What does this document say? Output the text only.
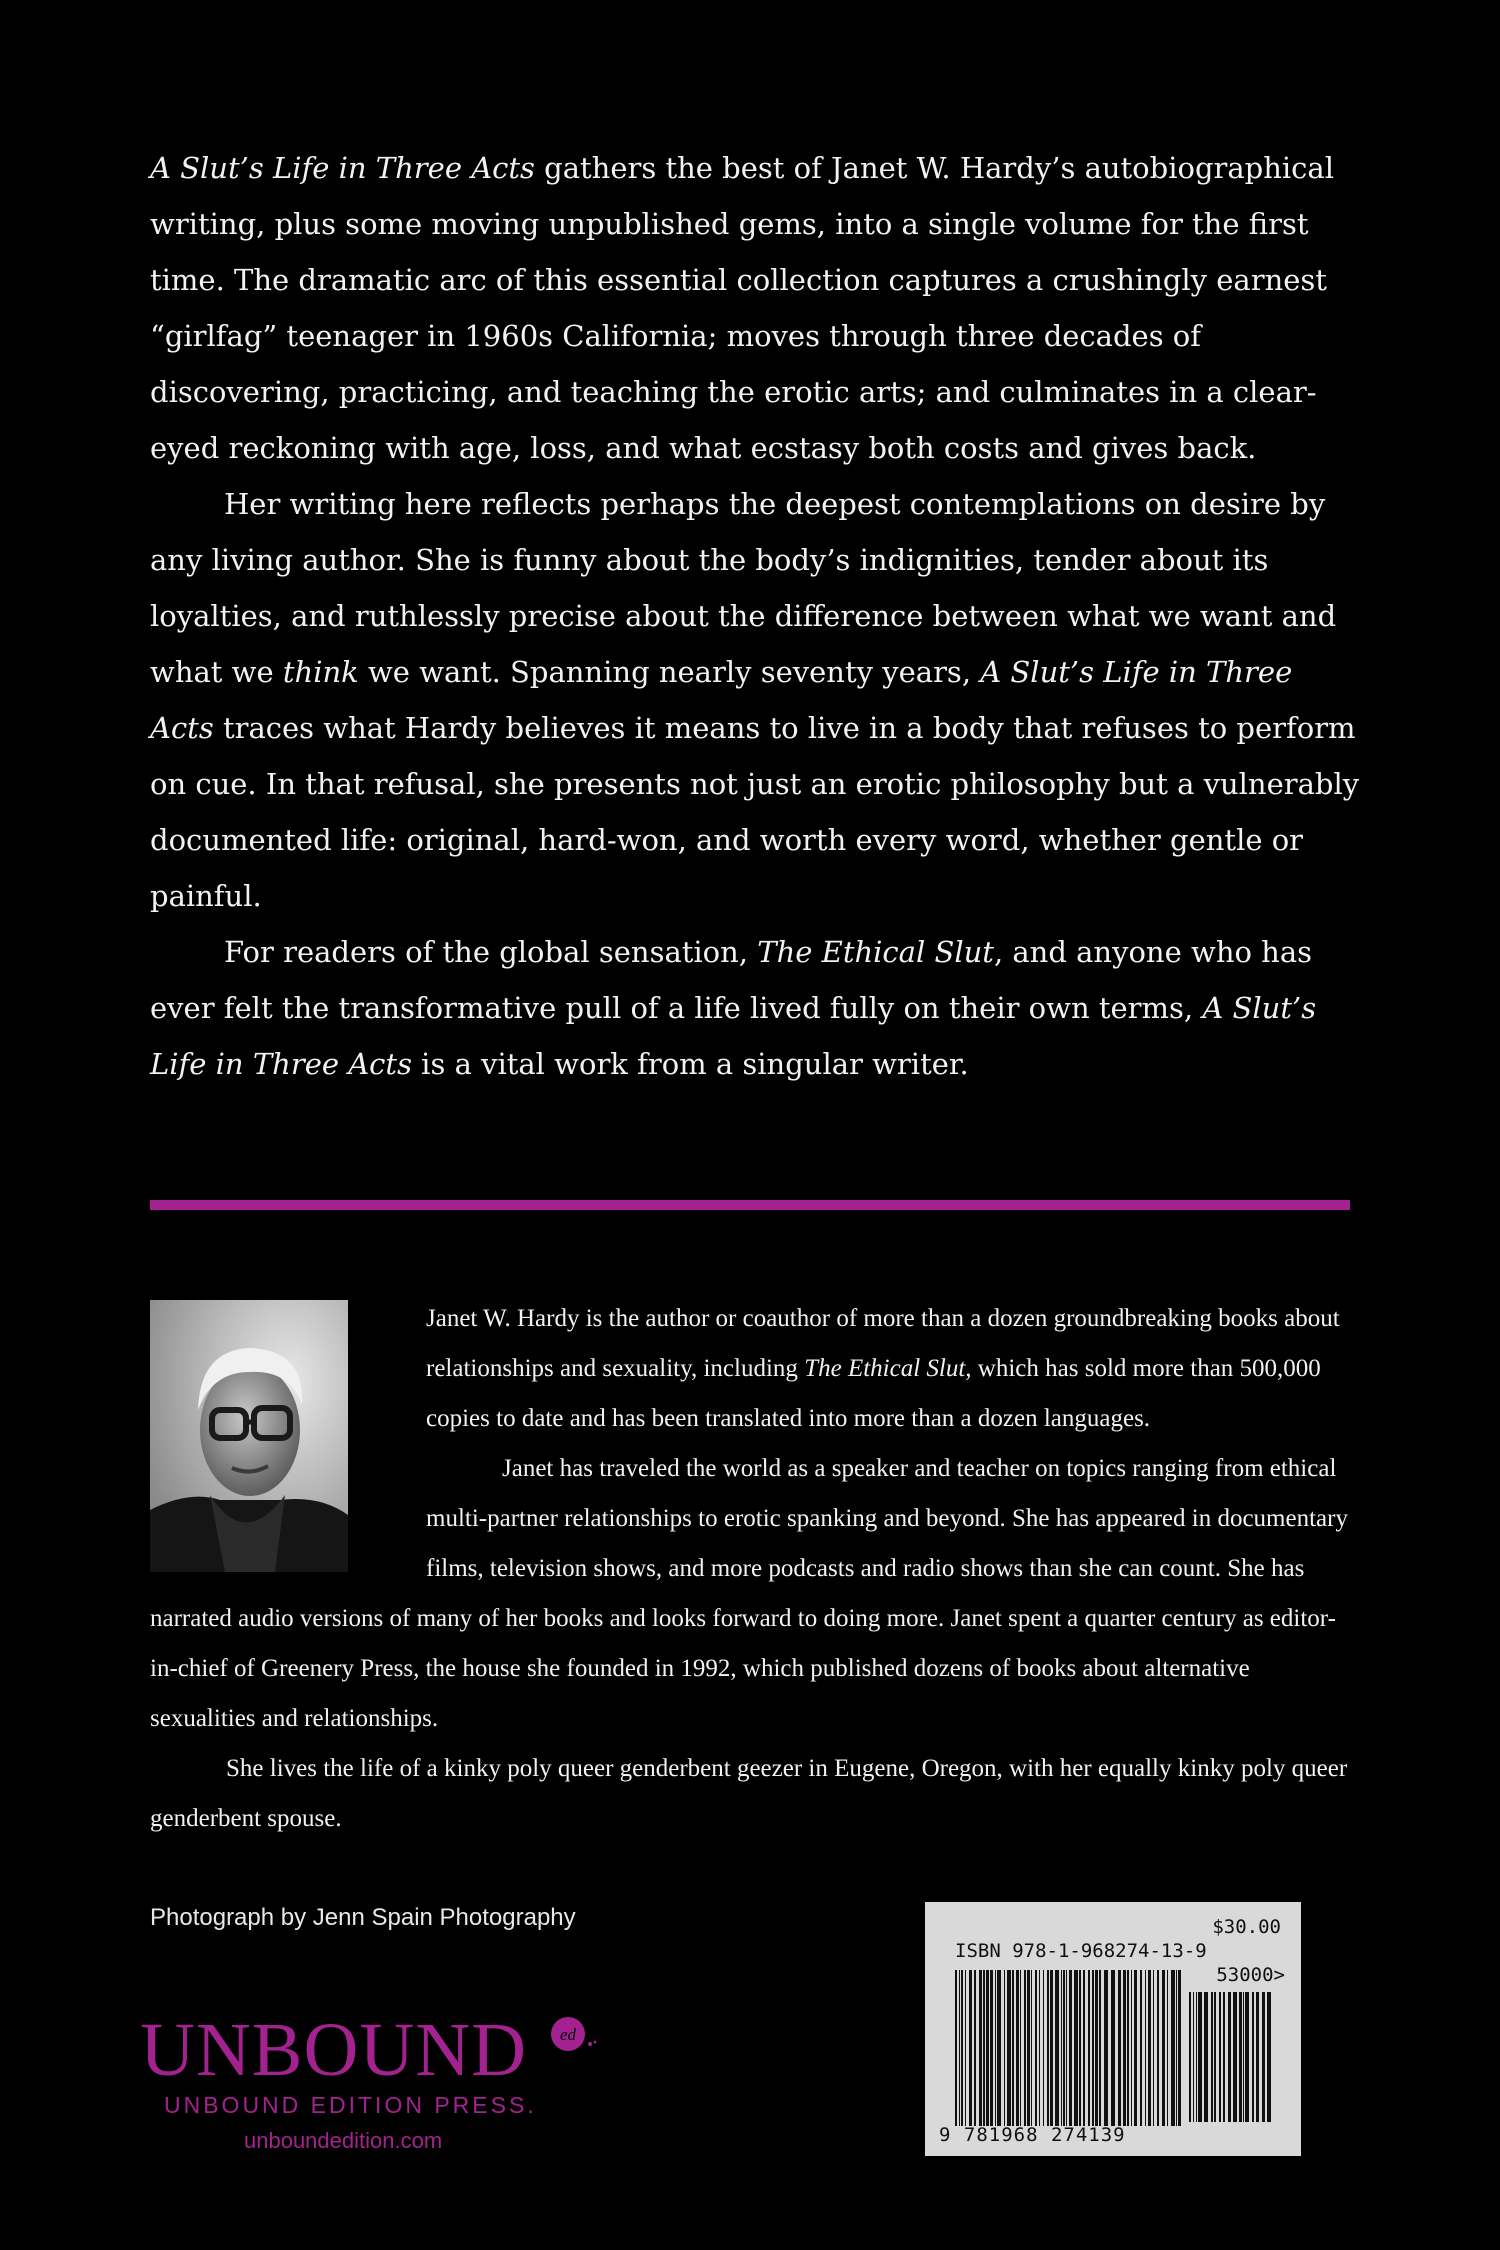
A Slut’s Life in Three Acts gathers the best of Janet W. Hardy’s autobiographical writing, plus some moving unpublished gems, into a single volume for the first time. The dramatic arc of this essential collection captures a crushingly earnest “girlfag” teenager in 1960s California; moves through three decades of discovering, practicing, and teaching the erotic arts; and culminates in a clear-eyed reckoning with age, loss, and what ecstasy both costs and gives back.

Her writing here reflects perhaps the deepest contemplations on desire by any living author. She is funny about the body’s indignities, tender about its loyalties, and ruthlessly precise about the difference between what we want and what we think we want. Spanning nearly seventy years, A Slut’s Life in Three Acts traces what Hardy believes it means to live in a body that refuses to perform on cue. In that refusal, she presents not just an erotic philosophy but a vulnerably documented life: original, hard-won, and worth every word, whether gentle or painful.

For readers of the global sensation, The Ethical Slut, and anyone who has ever felt the transformative pull of a life lived fully on their own terms, A Slut’s Life in Three Acts is a vital work from a singular writer.

Janet W. Hardy is the author or coauthor of more than a dozen groundbreaking books about relationships and sexuality, including The Ethical Slut, which has sold more than 500,000 copies to date and has been translated into more than a dozen languages.

Janet has traveled the world as a speaker and teacher on topics ranging from ethical multi-partner relationships to erotic spanking and beyond. She has appeared in documentary films, television shows, and more podcasts and radio shows than she can count. She has narrated audio versions of many of her books and looks forward to doing more. Janet spent a quarter century as editor-in-chief of Greenery Press, the house she founded in 1992, which published dozens of books about alternative sexualities and relationships.

She lives the life of a kinky poly queer genderbent geezer in Eugene, Oregon, with her equally kinky poly queer genderbent spouse.

Photograph by Jenn Spain Photography
UNBOUND ed
UNBOUND EDITION PRESS.
unboundedition.com
$30.00
ISBN 978-1-968274-13-9
53000>
9 781968 274139
